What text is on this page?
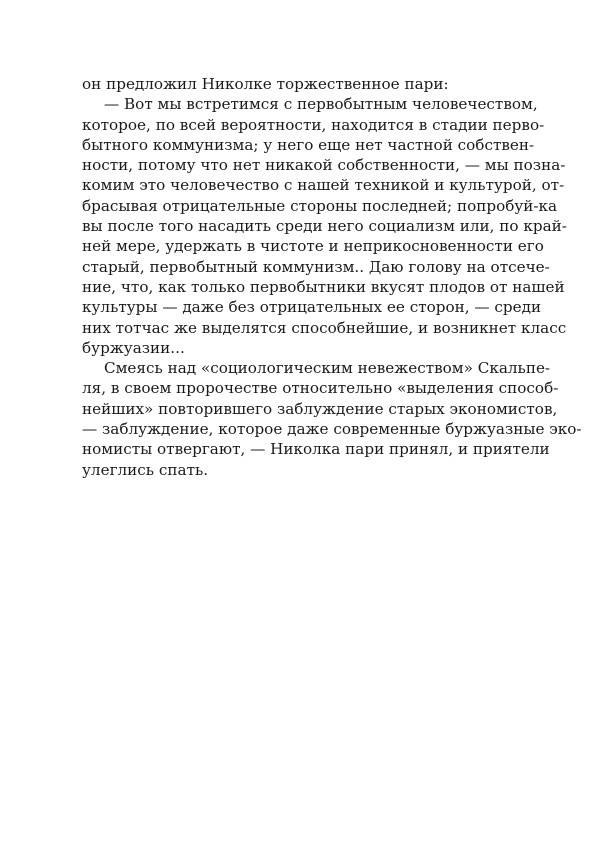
он предложил Николке торжественное пари:
— Вот мы встретимся с первобытным человечеством,
которое, по всей вероятности, находится в стадии перво-
бытного коммунизма; у него еще нет частной собствен-
ности, потому что нет никакой собственности, — мы позна-
комим это человечество с нашей техникой и культурой, от-
брасывая отрицательные стороны последней; попробуй-ка
вы после того насадить среди него социализм или, по край-
ней мере, удержать в чистоте и неприкосновенности его
старый, первобытный коммунизм.. Даю голову на отсече-
ние, что, как только первобытники вкусят плодов от нашей
культуры — даже без отрицательных ее сторон, — среди
них тотчас же выделятся способнейшие, и возникнет класс
буржуазии...
Смеясь над «социологическим невежеством» Скальпе-
ля, в своем пророчестве относительно «выделения способ-
нейших» повторившего заблуждение старых экономистов,
— заблуждение, которое даже современные буржуазные эко-
номисты отвергают, — Николка пари принял, и приятели
улеглись спать.
